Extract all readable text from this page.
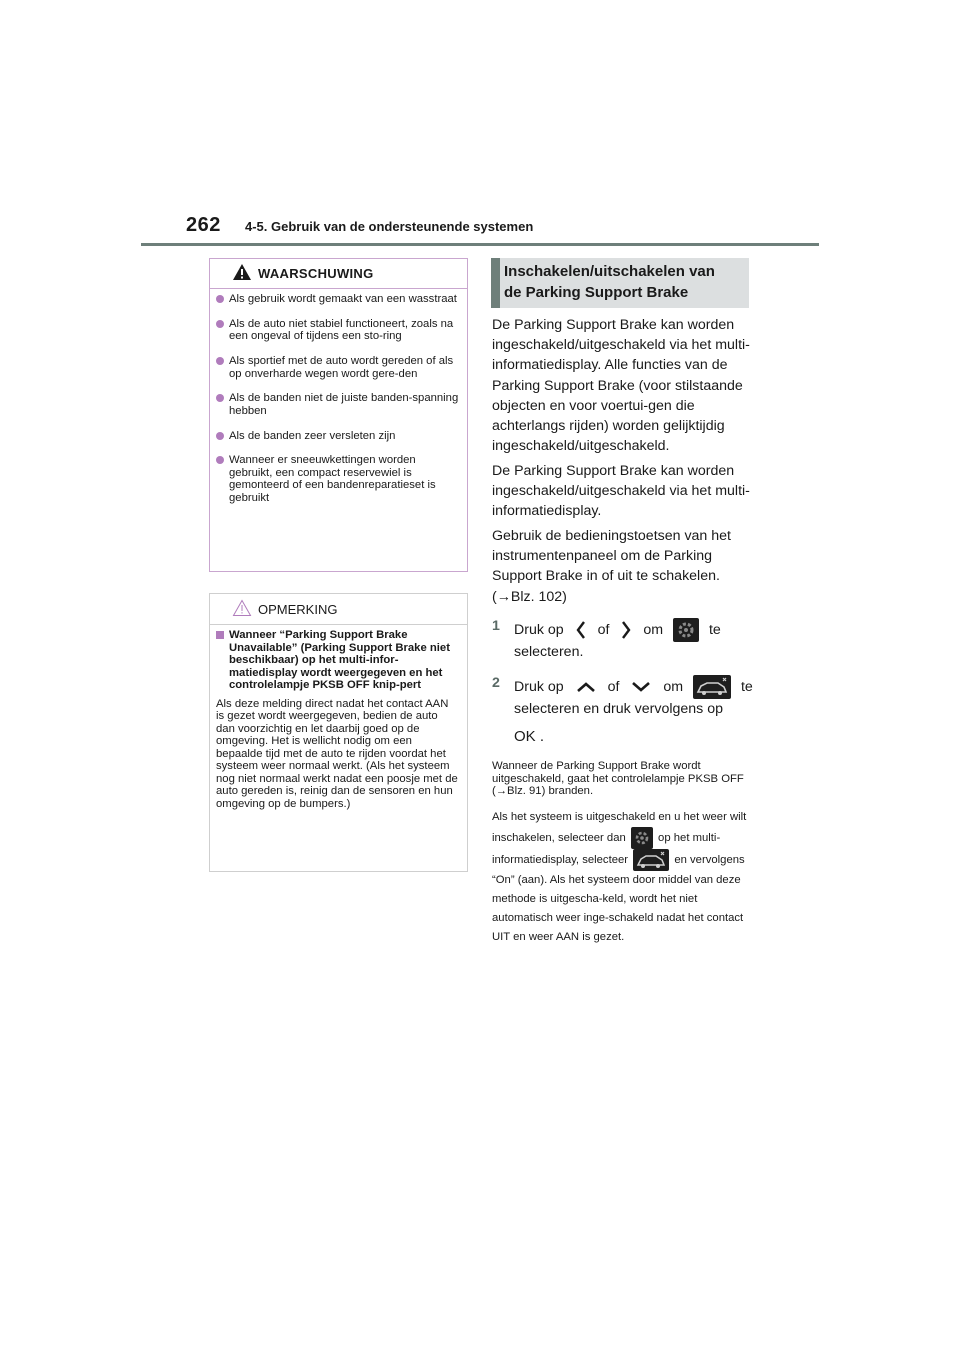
262 4-5. Gebruik van de ondersteunende systemen
WAARSCHUWING
Als gebruik wordt gemaakt van een wasstraat
Als de auto niet stabiel functioneert, zoals na een ongeval of tijdens een sto-ring
Als sportief met de auto wordt gereden of als op onverharde wegen wordt gere-den
Als de banden niet de juiste banden-spanning hebben
Als de banden zeer versleten zijn
Wanneer er sneeuwkettingen worden gebruikt, een compact reservewiel is gemonteerd of een bandenreparatieset is gebruikt
OPMERKING
Wanneer “Parking Support Brake Unavailable” (Parking Support Brake niet beschikbaar) op het multi-infor-matiedisplay wordt weergegeven en het controlelampje PKSB OFF knip-pert
Als deze melding direct nadat het contact AAN is gezet wordt weergegeven, bedien de auto dan voorzichtig en let daarbij goed op de omgeving. Het is wellicht nodig om een bepaalde tijd met de auto te rijden voordat het systeem weer normaal werkt. (Als het systeem nog niet normaal werkt nadat een poosje met de auto gereden is, reinig dan de sensoren en hun omgeving op de bumpers.)
Inschakelen/uitschakelen van
de Parking Support Brake
De Parking Support Brake kan worden ingeschakeld/uitgeschakeld via het multi-informatiedisplay. Alle functies van de Parking Support Brake (voor stilstaande objecten en voor voertui-gen die achterlangs rijden) worden gelijktijdig ingeschakeld/uitgeschakeld.
De Parking Support Brake kan worden ingeschakeld/uitgeschakeld via het multi-informatiedisplay.
Gebruik de bedieningstoetsen van het instrumentenpaneel om de Parking Support Brake in of uit te schakelen. (→Blz. 102)
1 Druk op of om	te
selecteren.
2 Druk op	of	om	te
selecteren en druk vervolgens op
OK .
Wanneer de Parking Support Brake wordt uitgeschakeld, gaat het controlelampje PKSB OFF (→Blz. 91) branden.
Als het systeem is uitgeschakeld en u het weer wilt inschakelen, selecteer dan	op het multi-informatiedisplay, selecteer	en vervolgens “On” (aan). Als het systeem door middel van deze methode is uitgescha-keld, wordt het niet automatisch weer inge-schakeld nadat het contact UIT en weer AAN is gezet.
